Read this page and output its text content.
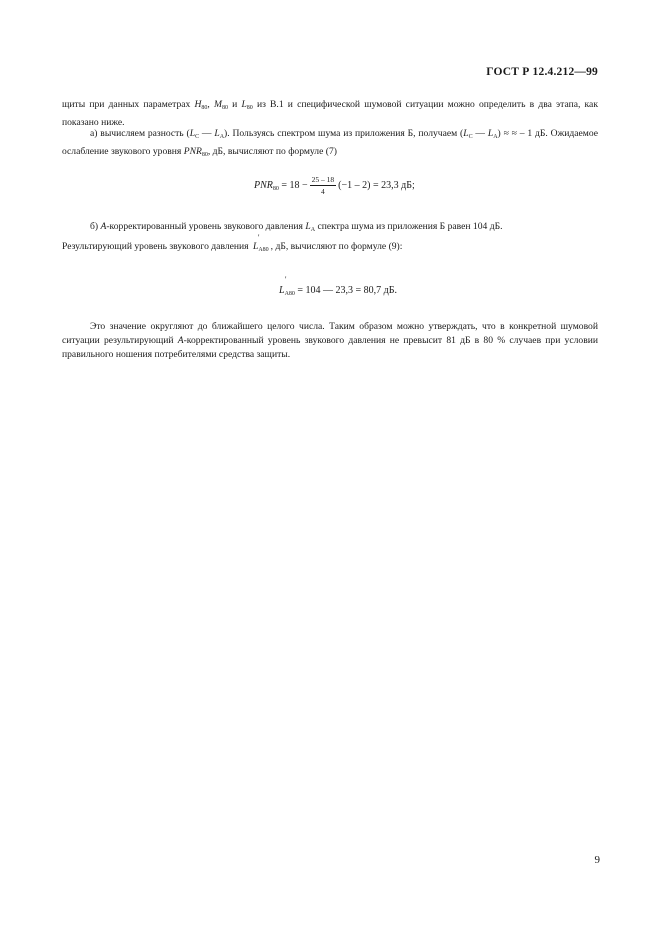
ГОСТ Р 12.4.212—99
щиты при данных параметрах $H_{80}$, $M_{80}$ и $L_{80}$ из В.1 и специфической шумовой ситуации можно определить в два этапа, как показано ниже.
а) вычисляем разность ($L_C$ — $L_A$). Пользуясь спектром шума из приложения Б, получаем ($L_C$ — $L_A$) ≈ ≈ – 1 дБ. Ожидаемое ослабление звукового уровня $PNR_{80}$, дБ, вычисляют по формуле (7)
$PNR_{80} = 18 - \frac{25 - 18}{4} (-1 - 2) = 23,3$ дБ;
б) A-корректированный уровень звукового давления $L_A$ спектра шума из приложения Б равен 104 дБ.
Результирующий уровень звукового давления
'
$L_{A80}$ , дБ, вычисляют по формуле (9):
'
$L_{A80} = 104$ — 23,3 = 80,7 дБ.
Это значение округляют до ближайшего целого числа. Таким образом можно утверждать, что в конкретной шумовой ситуации результирующий А-корректированный уровень звукового давления не превысит 81 дБ в 80 % случаев при условии правильного ношения потребителями средства защиты.
9
